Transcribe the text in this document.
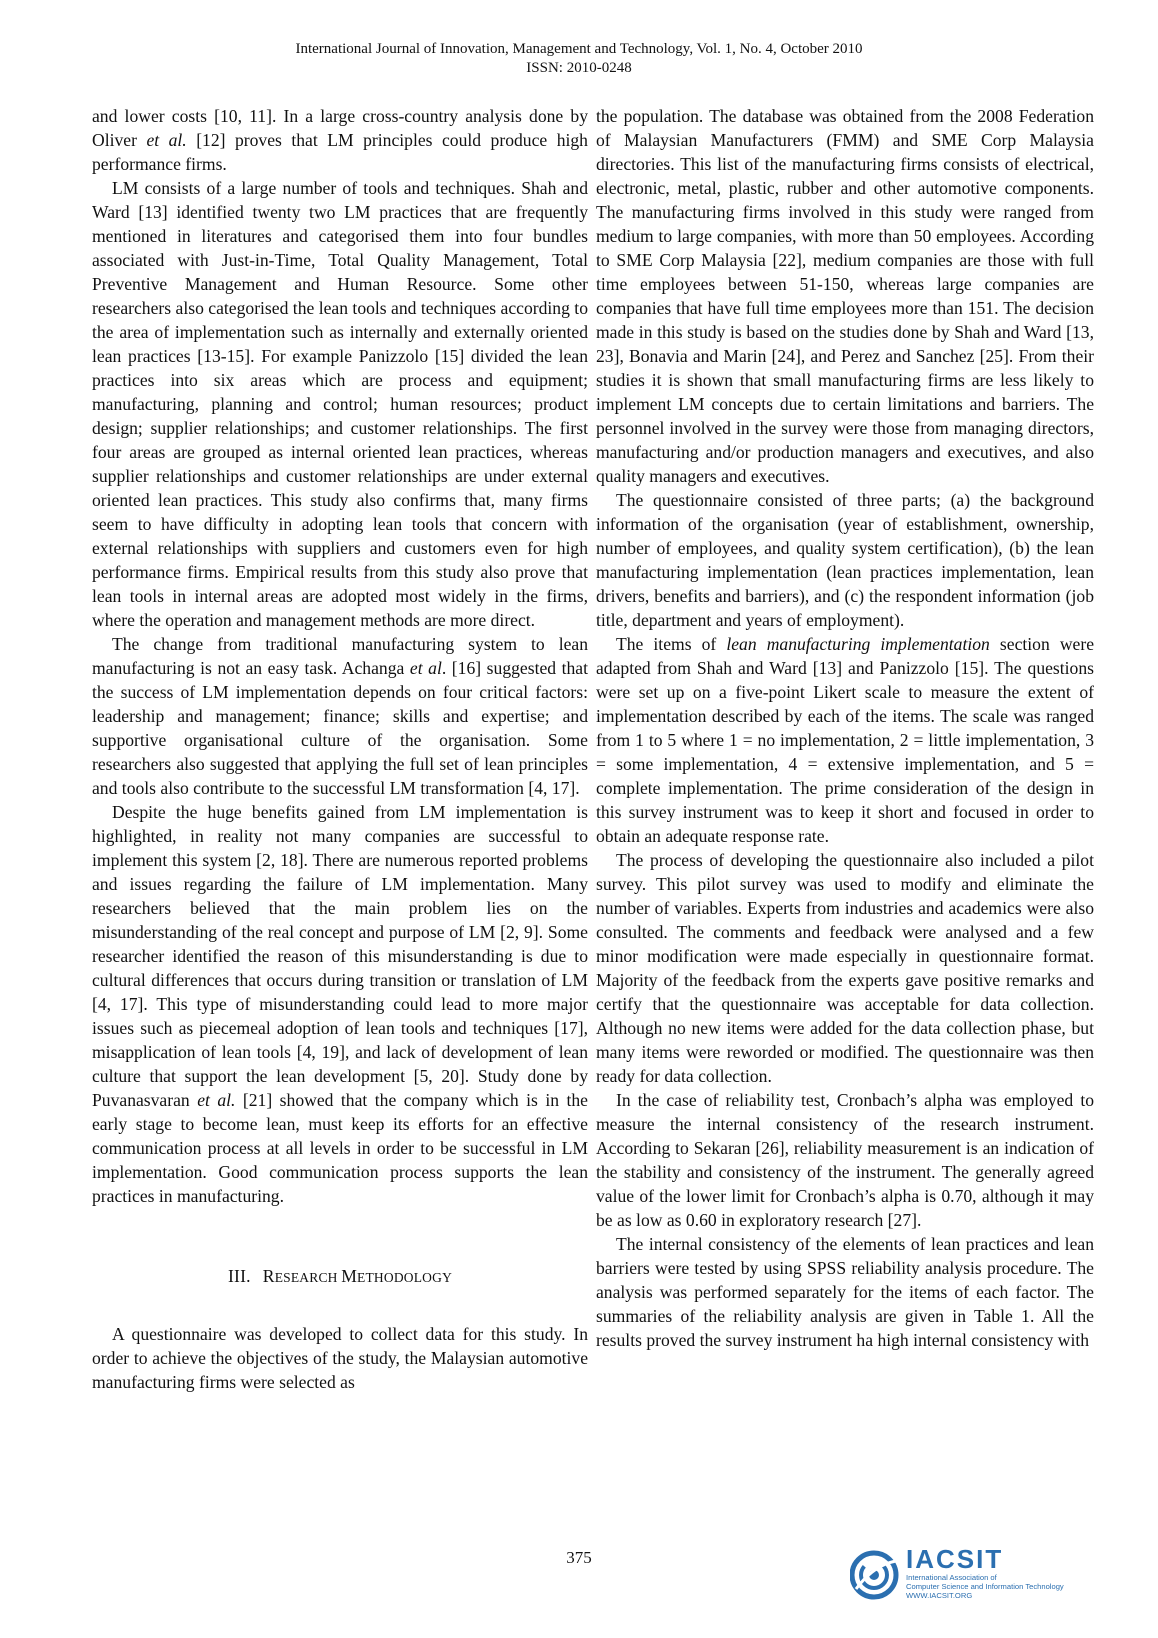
International Journal of Innovation, Management and Technology, Vol. 1, No. 4, October 2010
ISSN: 2010-0248

and lower costs [10, 11]. In a large cross-country analysis done by Oliver et al. [12] proves that LM principles could produce high performance firms.

LM consists of a large number of tools and techniques. Shah and Ward [13] identified twenty two LM practices that are frequently mentioned in literatures and categorised them into four bundles associated with Just-in-Time, Total Quality Management, Total Preventive Management and Human Resource. Some other researchers also categorised the lean tools and techniques according to the area of implementation such as internally and externally oriented lean practices [13-15]. For example Panizzolo [15] divided the lean practices into six areas which are process and equipment; manufacturing, planning and control; human resources; product design; supplier relationships; and customer relationships. The first four areas are grouped as internal oriented lean practices, whereas supplier relationships and customer relationships are under external oriented lean practices. This study also confirms that, many firms seem to have difficulty in adopting lean tools that concern with external relationships with suppliers and customers even for high performance firms. Empirical results from this study also prove that lean tools in internal areas are adopted most widely in the firms, where the operation and management methods are more direct.

The change from traditional manufacturing system to lean manufacturing is not an easy task. Achanga et al. [16] suggested that the success of LM implementation depends on four critical factors: leadership and management; finance; skills and expertise; and supportive organisational culture of the organisation. Some researchers also suggested that applying the full set of lean principles and tools also contribute to the successful LM transformation [4, 17].

Despite the huge benefits gained from LM implementation is highlighted, in reality not many companies are successful to implement this system [2, 18]. There are numerous reported problems and issues regarding the failure of LM implementation. Many researchers believed that the main problem lies on the misunderstanding of the real concept and purpose of LM [2, 9]. Some researcher identified the reason of this misunderstanding is due to cultural differences that occurs during transition or translation of LM [4, 17]. This type of misunderstanding could lead to more major issues such as piecemeal adoption of lean tools and techniques [17], misapplication of lean tools [4, 19], and lack of development of lean culture that support the lean development [5, 20]. Study done by Puvanasvaran et al. [21] showed that the company which is in the early stage to become lean, must keep its efforts for an effective communication process at all levels in order to be successful in LM implementation. Good communication process supports the lean practices in manufacturing.

III. RESEARCH METHODOLOGY

A questionnaire was developed to collect data for this study. In order to achieve the objectives of the study, the Malaysian automotive manufacturing firms were selected as

the population. The database was obtained from the 2008 Federation of Malaysian Manufacturers (FMM) and SME Corp Malaysia directories. This list of the manufacturing firms consists of electrical, electronic, metal, plastic, rubber and other automotive components. The manufacturing firms involved in this study were ranged from medium to large companies, with more than 50 employees. According to SME Corp Malaysia [22], medium companies are those with full time employees between 51-150, whereas large companies are companies that have full time employees more than 151. The decision made in this study is based on the studies done by Shah and Ward [13, 23], Bonavia and Marin [24], and Perez and Sanchez [25]. From their studies it is shown that small manufacturing firms are less likely to implement LM concepts due to certain limitations and barriers. The personnel involved in the survey were those from managing directors, manufacturing and/or production managers and executives, and also quality managers and executives.

The questionnaire consisted of three parts; (a) the background information of the organisation (year of establishment, ownership, number of employees, and quality system certification), (b) the lean manufacturing implementation (lean practices implementation, lean drivers, benefits and barriers), and (c) the respondent information (job title, department and years of employment).

The items of lean manufacturing implementation section were adapted from Shah and Ward [13] and Panizzolo [15]. The questions were set up on a five-point Likert scale to measure the extent of implementation described by each of the items. The scale was ranged from 1 to 5 where 1 = no implementation, 2 = little implementation, 3 = some implementation, 4 = extensive implementation, and 5 = complete implementation. The prime consideration of the design in this survey instrument was to keep it short and focused in order to obtain an adequate response rate.

The process of developing the questionnaire also included a pilot survey. This pilot survey was used to modify and eliminate the number of variables. Experts from industries and academics were also consulted. The comments and feedback were analysed and a few minor modification were made especially in questionnaire format. Majority of the feedback from the experts gave positive remarks and certify that the questionnaire was acceptable for data collection. Although no new items were added for the data collection phase, but many items were reworded or modified. The questionnaire was then ready for data collection.

In the case of reliability test, Cronbach’s alpha was employed to measure the internal consistency of the research instrument. According to Sekaran [26], reliability measurement is an indication of the stability and consistency of the instrument. The generally agreed value of the lower limit for Cronbach’s alpha is 0.70, although it may be as low as 0.60 in exploratory research [27].

The internal consistency of the elements of lean practices and lean barriers were tested by using SPSS reliability analysis procedure. The analysis was performed separately for the items of each factor. The summaries of the reliability analysis are given in Table 1. All the results proved the survey instrument ha high internal consistency with

375	IACSIT
International Association of
Computer Science and Information Technology
WWW.IACSIT.ORG
